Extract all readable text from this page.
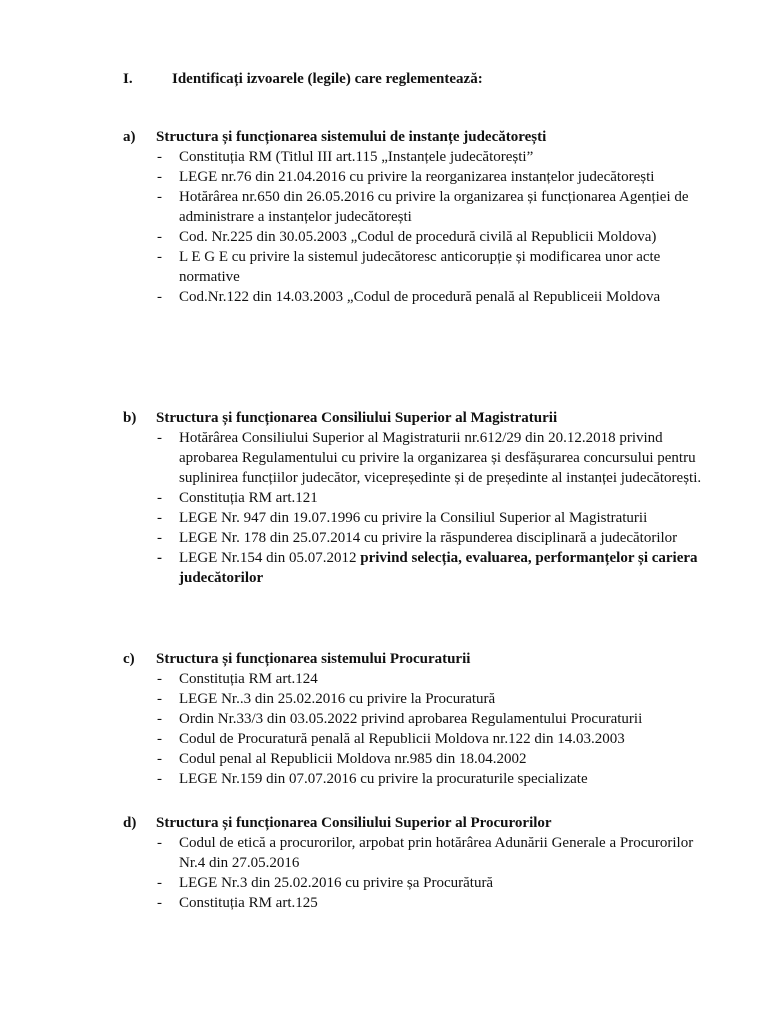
I.	Identificați izvoarele (legile) care reglementează:
a)	Structura și funcționarea sistemului de instanțe judecătorești
- Constituția RM (Titlul III art.115 „Instanțele judecătorești”
- LEGE nr.76 din 21.04.2016 cu privire la reorganizarea instanțelor judecătorești
- Hotărârea nr.650 din 26.05.2016 cu privire la organizarea și funcționarea Agenției de administrare a instanțelor judecătorești
- Cod. Nr.225 din 30.05.2003 „Codul de procedură civilă al Republicii Moldova)
- L E G E cu privire la sistemul judecătoresc anticorupție și modificarea unor acte normative
- Cod.Nr.122 din 14.03.2003 „Codul de procedură penală al Republiceii Moldova
b)	Structura și funcționarea Consiliului Superior al Magistraturii
- Hotărârea Consiliului Superior al Magistraturii nr.612/29 din 20.12.2018 privind aprobarea Regulamentului cu privire la organizarea și desfășurarea concursului pentru suplinirea funcțiilor judecător, vicepreședinte și de președinte al instanței judecătorești.
- Constituția RM art.121
- LEGE Nr. 947 din 19.07.1996 cu privire la Consiliul Superior al Magistraturii
- LEGE Nr. 178 din 25.07.2014 cu privire la răspunderea disciplinară a judecătorilor
- LEGE Nr.154 din 05.07.2012 privind selecția, evaluarea, performanțelor și cariera judecătorilor
c)	Structura și funcționarea sistemului Procuraturii
- Constituția RM art.124
- LEGE Nr..3 din 25.02.2016 cu privire la Procuratură
- Ordin Nr.33/3 din 03.05.2022 privind aprobarea Regulamentului Procuraturii
- Codul de Procuratură penală al Republicii Moldova nr.122 din 14.03.2003
- Codul penal al Republicii Moldova nr.985 din 18.04.2002
- LEGE Nr.159 din 07.07.2016 cu privire la procuraturile specializate
d)	Structura și funcționarea Consiliului Superior al Procurorilor
- Codul de etică a procurorilor, arpobat prin hotărârea Adunării Generale a Procurorilor Nr.4 din 27.05.2016
- LEGE Nr.3 din 25.02.2016 cu privire șa Procurătură
- Constituția RM art.125
